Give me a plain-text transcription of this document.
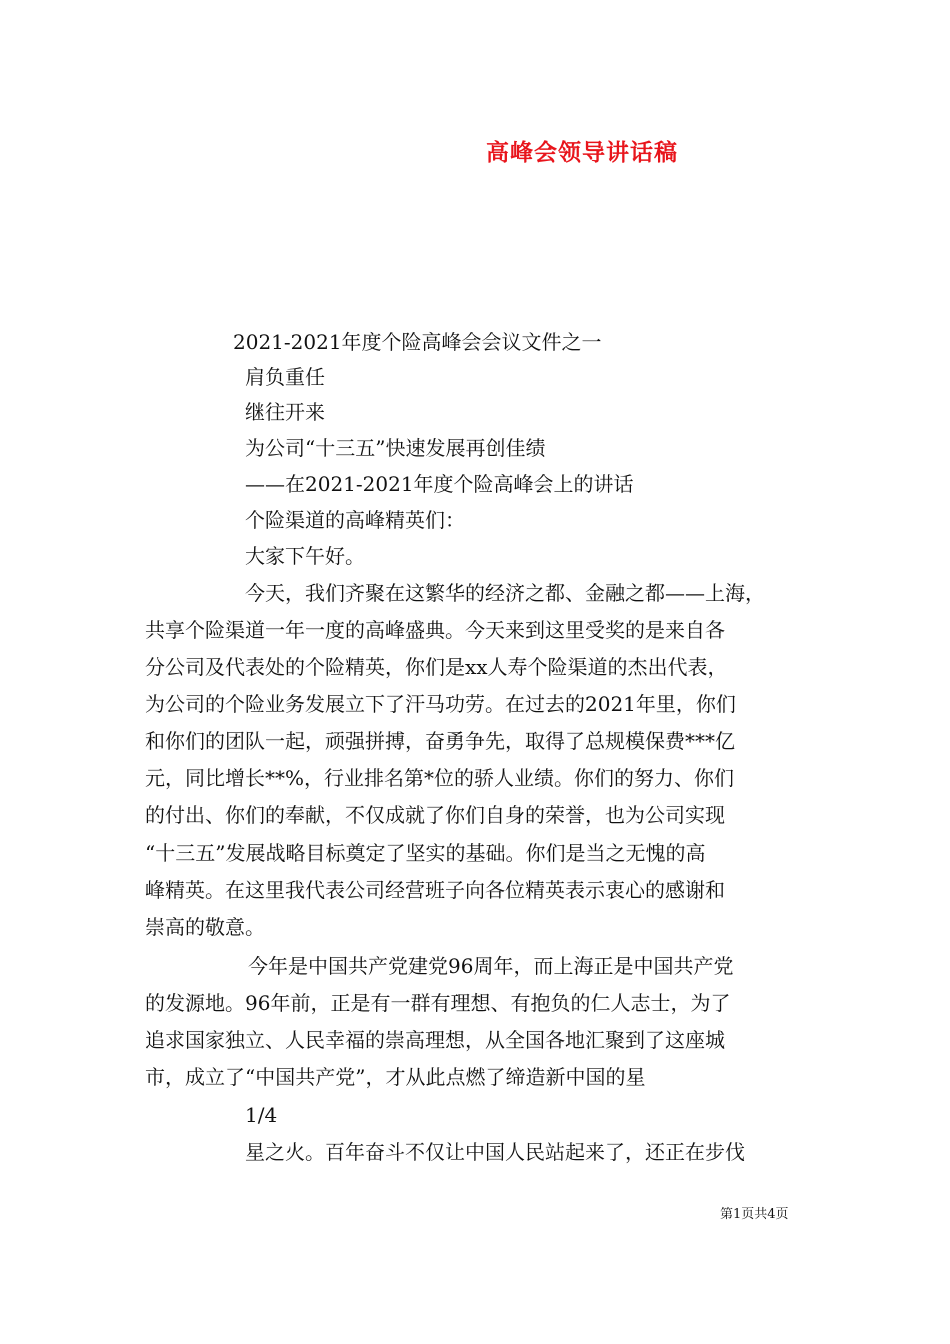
高峰会领导讲话稿
2021-2021年度个险高峰会会议文件之一
肩负重任
继往开来
为公司“十三五”快速发展再创佳绩
——在2021-2021年度个险高峰会上的讲话
个险渠道的高峰精英们：
大家下午好。
今天，我们齐聚在这繁华的经济之都、金融之都——上海，
共享个险渠道一年一度的高峰盛典。今天来到这里受奖的是来自各
分公司及代表处的个险精英，你们是xx人寿个险渠道的杰出代表，
为公司的个险业务发展立下了汗马功劳。在过去的2021年里，你们
和你们的团队一起，顽强拼搏，奋勇争先，取得了总规模保费***亿
元，同比增长**%，行业排名第*位的骄人业绩。你们的努力、你们
的付出、你们的奉献，不仅成就了你们自身的荣誉，也为公司实现
“十三五”发展战略目标奠定了坚实的基础。你们是当之无愧的高
峰精英。在这里我代表公司经营班子向各位精英表示衷心的感谢和
崇高的敬意。
今年是中国共产党建党96周年，而上海正是中国共产党
的发源地。96年前，正是有一群有理想、有抱负的仁人志士，为了
追求国家独立、人民幸福的崇高理想，从全国各地汇聚到了这座城
市，成立了“中国共产党”，才从此点燃了缔造新中国的星
1/4
星之火。百年奋斗不仅让中国人民站起来了，还正在步伐
第1页共4页
